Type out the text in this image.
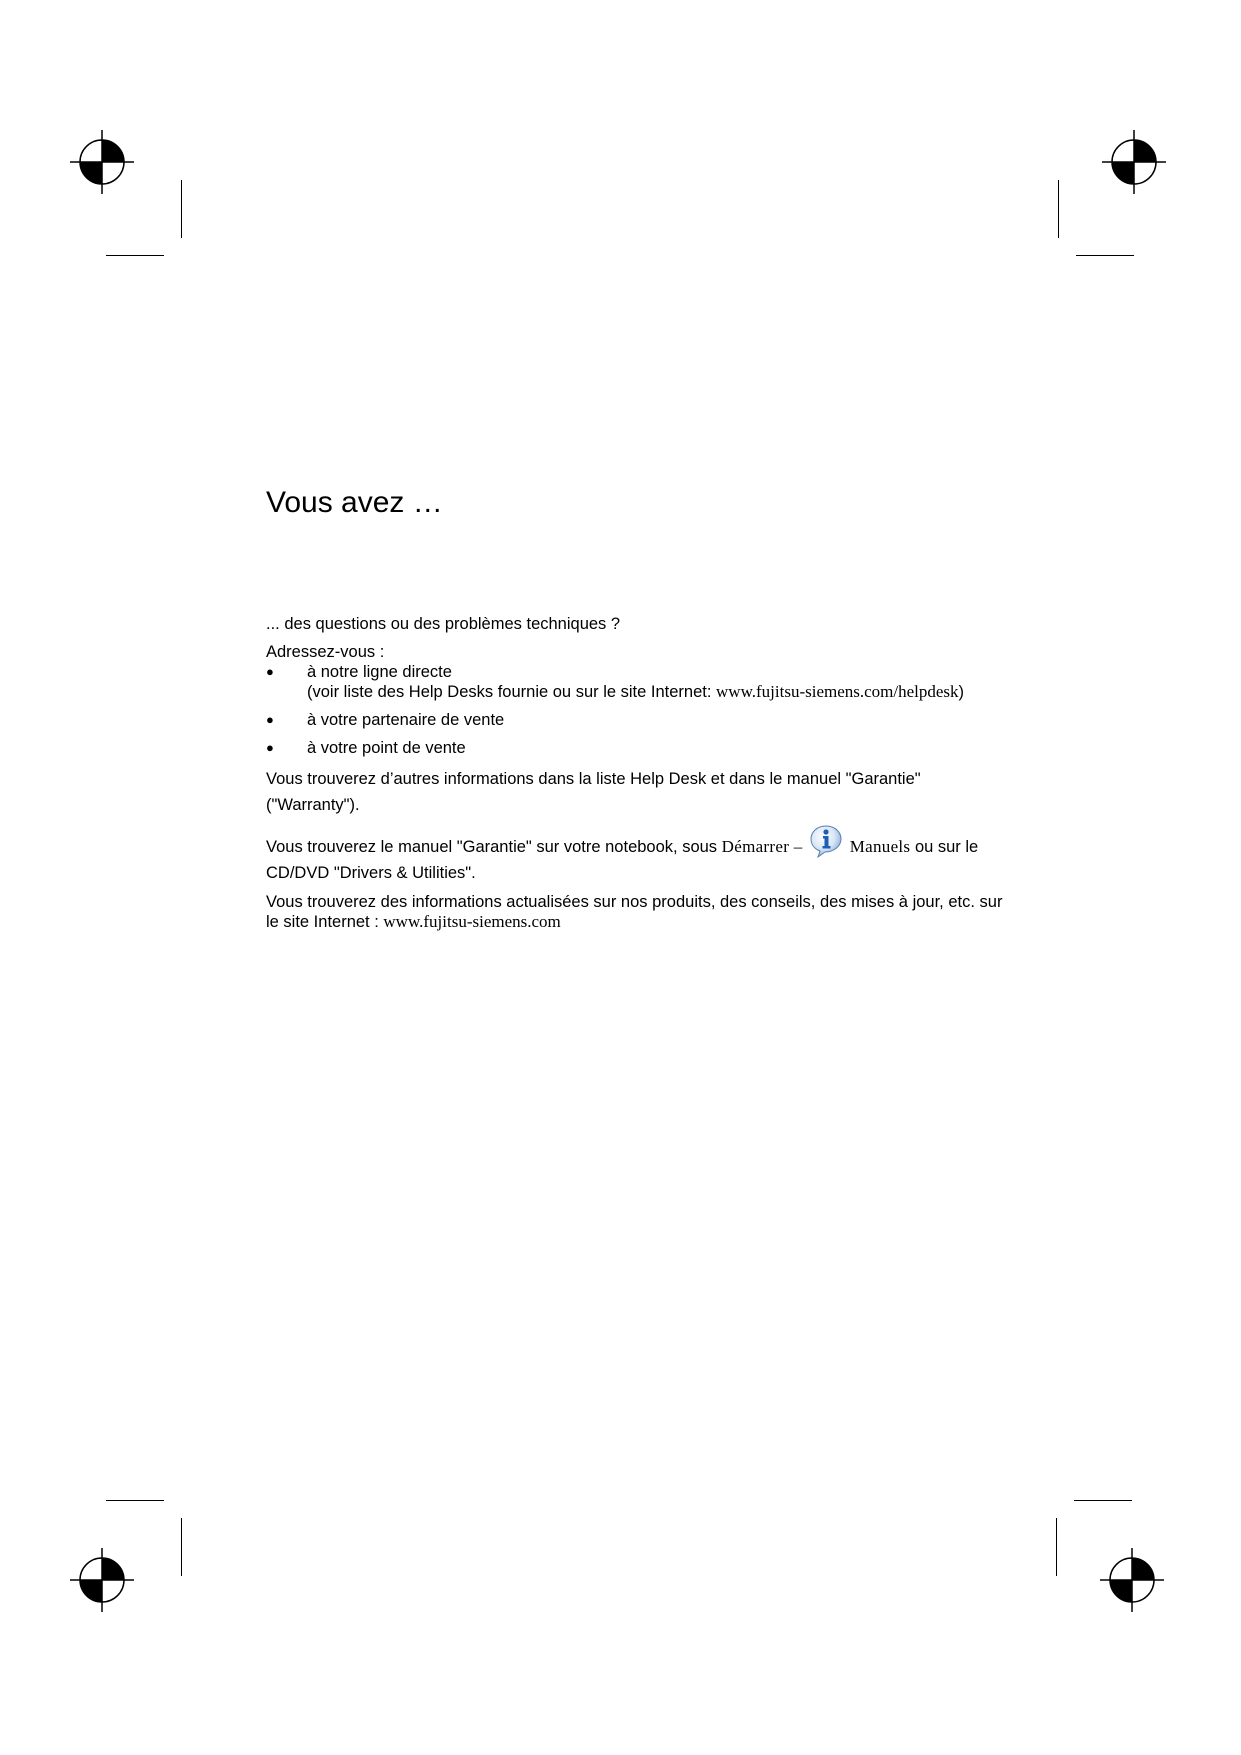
Vous avez …

... des questions ou des problèmes techniques ?

Adressez-vous :

● à notre ligne directe
(voir liste des Help Desks fournie ou sur le site Internet: www.fujitsu-siemens.com/helpdesk)
● à votre partenaire de vente
● à votre point de vente

Vous trouverez d’autres informations dans la liste Help Desk et dans le manuel "Garantie" ("Warranty").

Vous trouverez le manuel "Garantie" sur votre notebook, sous Démarrer –	Manuels ou sur le CD/DVD "Drivers & Utilities".

Vous trouverez des informations actualisées sur nos produits, des conseils, des mises à jour, etc. sur le site Internet : www.fujitsu-siemens.com
